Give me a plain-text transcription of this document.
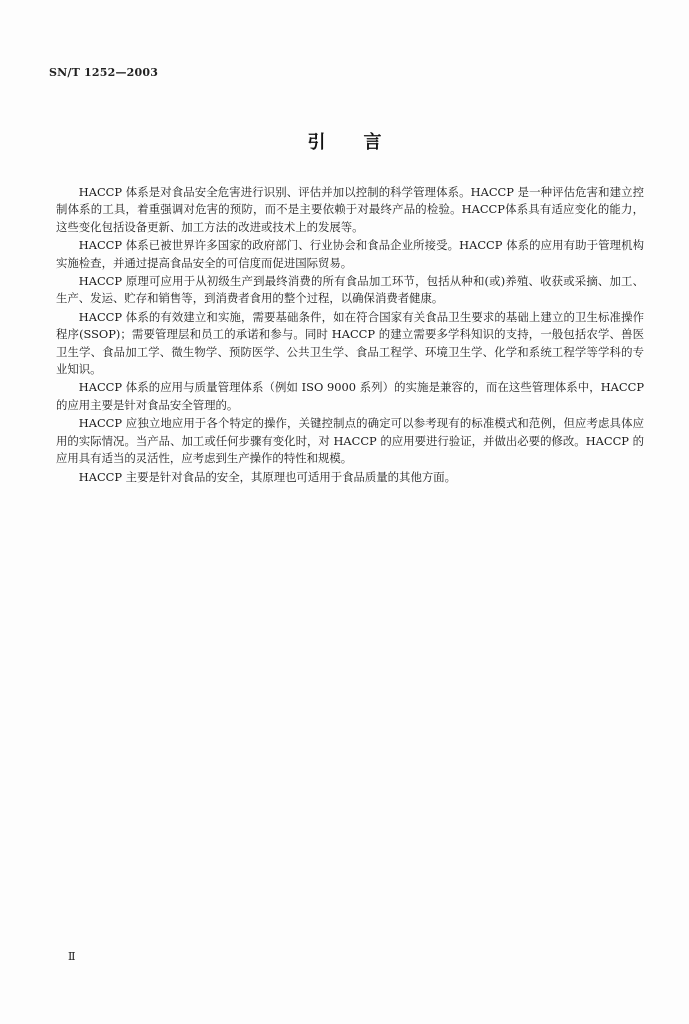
SN/T 1252—2003
引言

HACCP 体系是对食品安全危害进行识别、评估并加以控制的科学管理体系。HACCP 是一种评估危害和建立控制体系的工具，着重强调对危害的预防，而不是主要依赖于对最终产品的检验。HACCP体系具有适应变化的能力，这些变化包括设备更新、加工方法的改进或技术上的发展等。

HACCP 体系已被世界许多国家的政府部门、行业协会和食品企业所接受。HACCP 体系的应用有助于管理机构实施检查，并通过提高食品安全的可信度而促进国际贸易。

HACCP 原理可应用于从初级生产到最终消费的所有食品加工环节，包括从种和(或)养殖、收获或采摘、加工、生产、发运、贮存和销售等，到消费者食用的整个过程，以确保消费者健康。

HACCP 体系的有效建立和实施，需要基础条件，如在符合国家有关食品卫生要求的基础上建立的卫生标准操作程序(SSOP)；需要管理层和员工的承诺和参与。同时 HACCP 的建立需要多学科知识的支持，一般包括农学、兽医卫生学、食品加工学、微生物学、预防医学、公共卫生学、食品工程学、环境卫生学、化学和系统工程学等学科的专业知识。

HACCP 体系的应用与质量管理体系（例如 ISO 9000 系列）的实施是兼容的，而在这些管理体系中，HACCP 的应用主要是针对食品安全管理的。

HACCP 应独立地应用于各个特定的操作，关键控制点的确定可以参考现有的标准模式和范例，但应考虑具体应用的实际情况。当产品、加工或任何步骤有变化时，对 HACCP 的应用要进行验证，并做出必要的修改。HACCP 的应用具有适当的灵活性，应考虑到生产操作的特性和规模。

HACCP 主要是针对食品的安全，其原理也可适用于食品质量的其他方面。

Ⅱ
